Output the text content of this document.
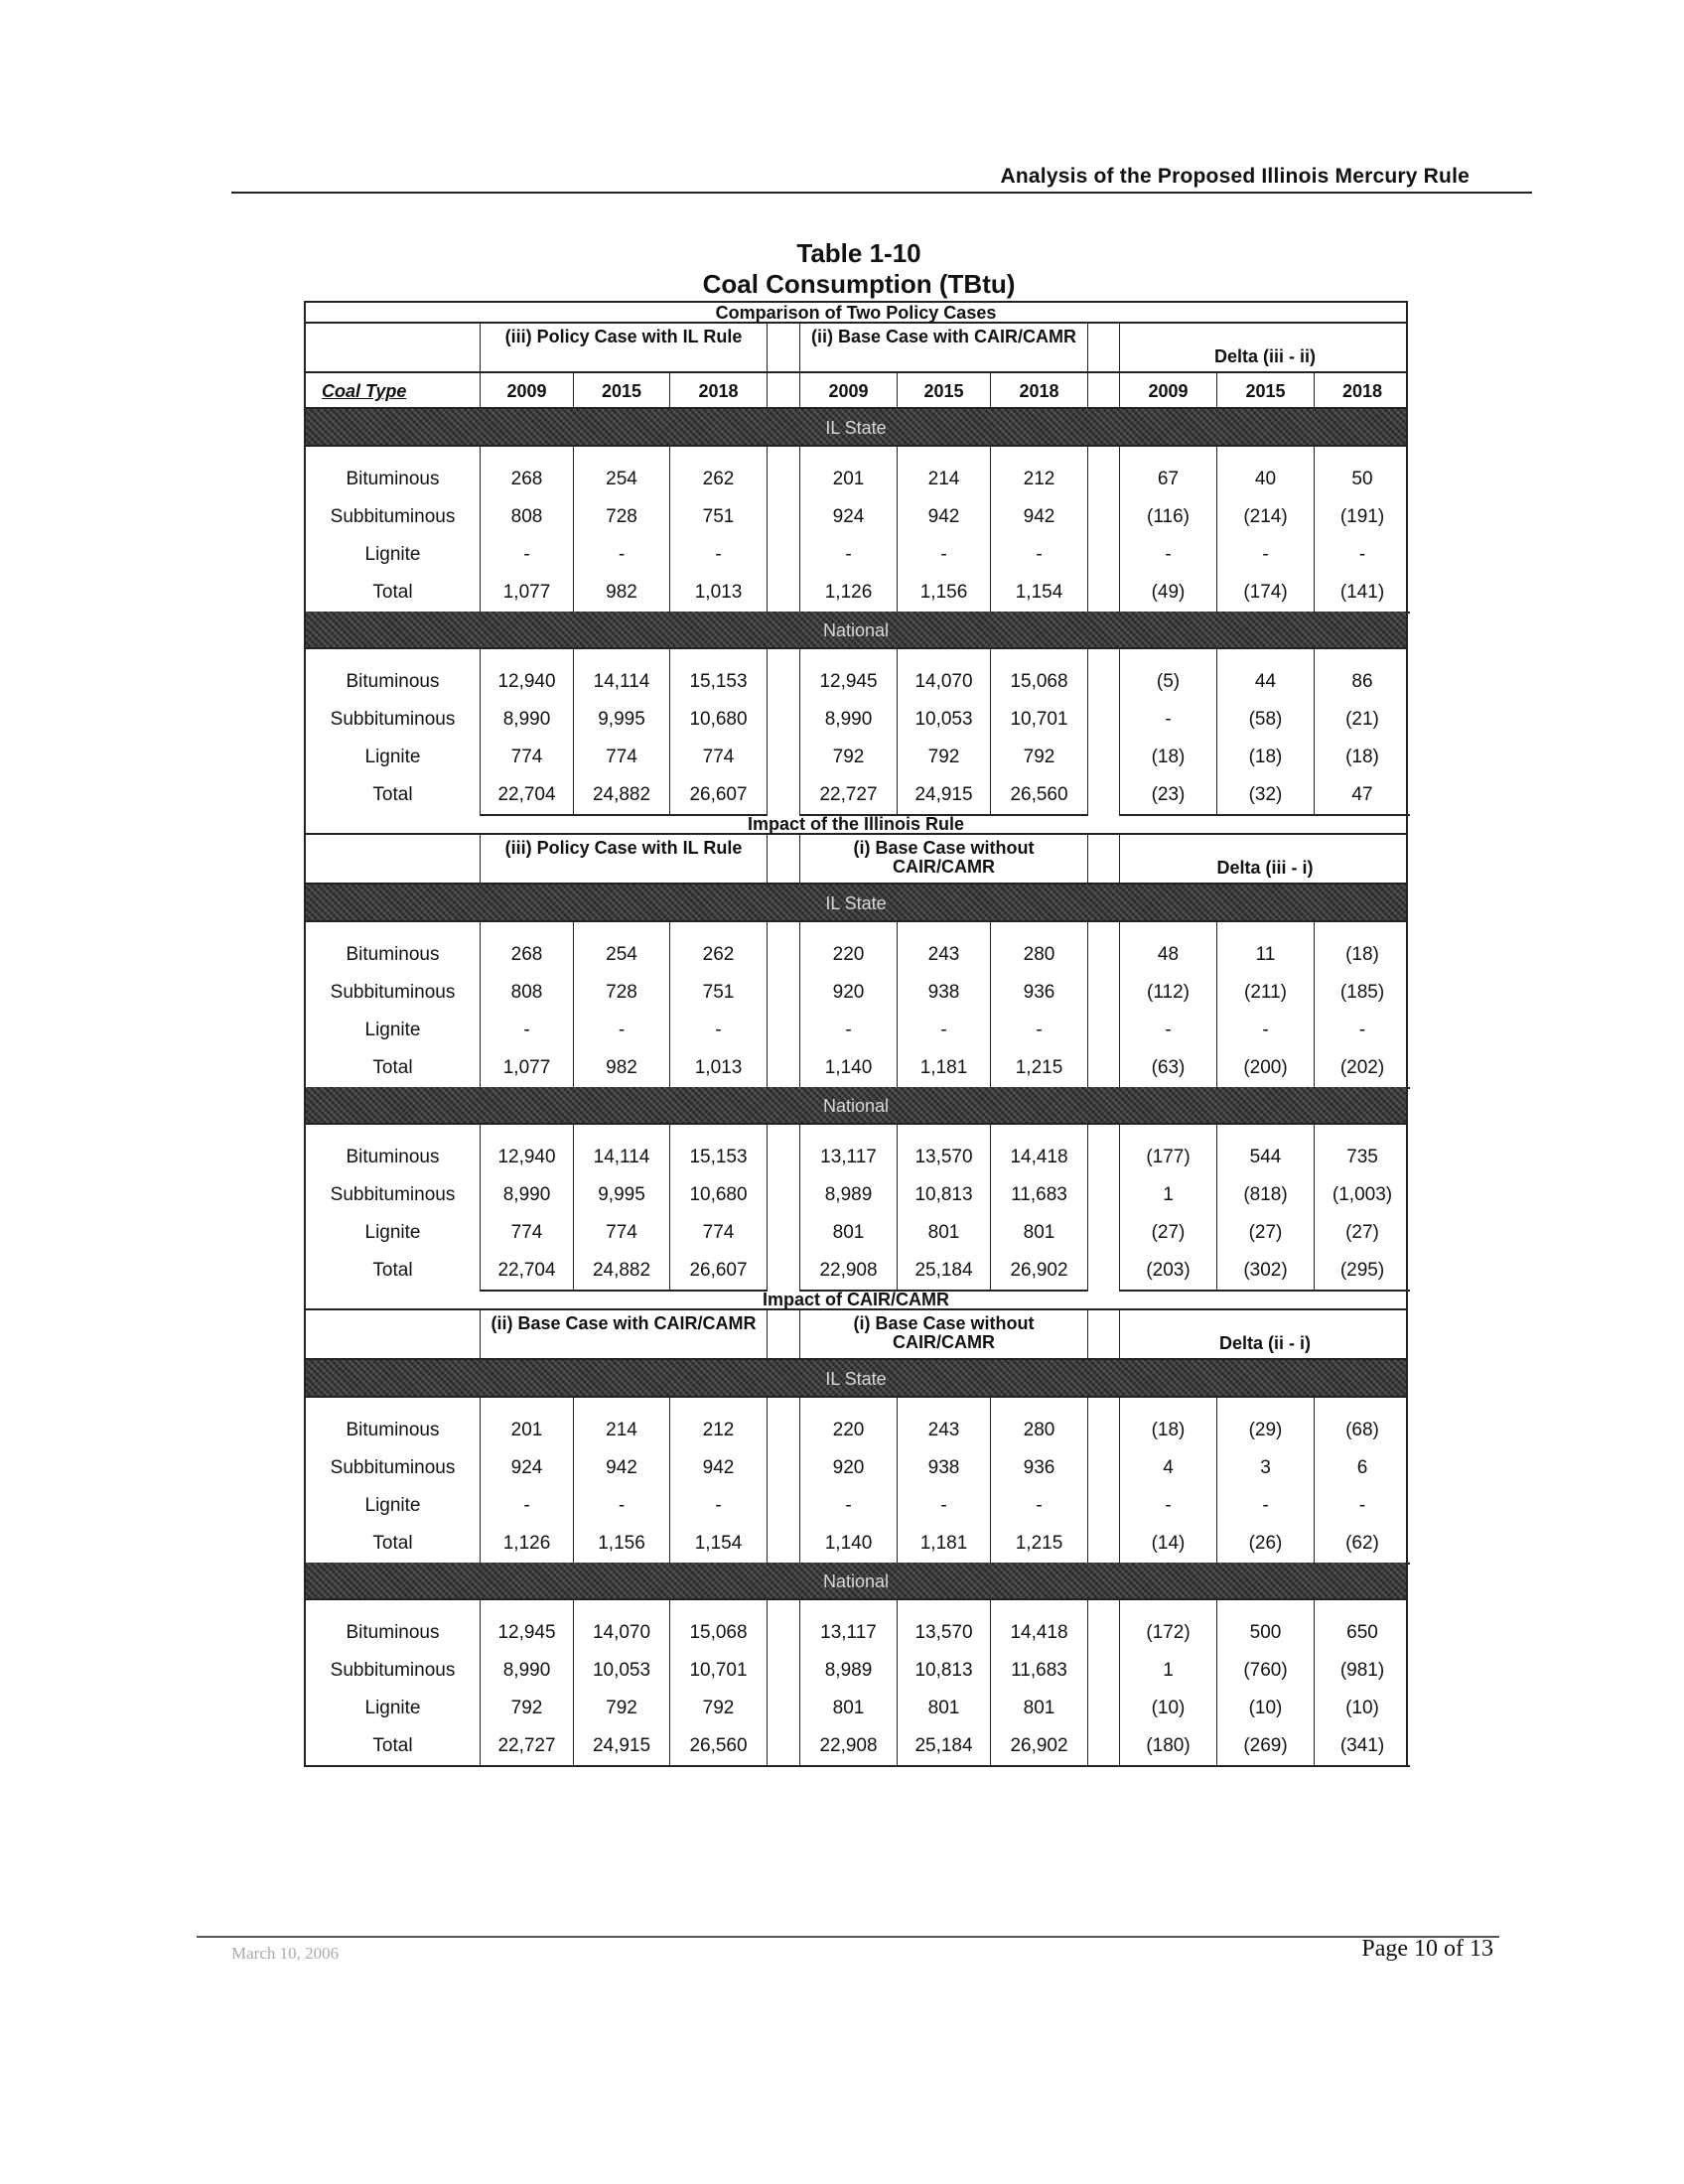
Analysis of the Proposed Illinois Mercury Rule
Table 1-10
Coal Consumption (TBtu)
Comparison of Two Policy Cases
(iii) Policy Case with IL Rule	(ii) Base Case with CAIR/CAMR
Delta (iii - ii)
Coal Type	2009	2015	2018	2009	2015	2018	2009	2015	2018
IL State
Bituminous	268	254	262	201	214	212	67	40	50
Subbituminous	808	728	751	924	942	942	(116)	(214)	(191)
Lignite	-	-	-	-	-	-	-	-	-
Total	1,077	982	1,013	1,126	1,156	1,154	(49)	(174)	(141)
National
Bituminous	12,940	14,114	15,153	12,945	14,070	15,068	(5)	44	86
Subbituminous	8,990	9,995	10,680	8,990	10,053	10,701	-	(58)	(21)
Lignite	774	774	774	792	792	792	(18)	(18)	(18)
Total	22,704	24,882	26,607	22,727	24,915	26,560	(23)	(32)	47
Impact of the Illinois Rule
(iii) Policy Case with IL Rule	(i) Base Case without CAIR/CAMR	Delta (iii - i)
IL State
Bituminous	268	254	262	220	243	280	48	11	(18)
Subbituminous	808	728	751	920	938	936	(112)	(211)	(185)
Lignite	-	-	-	-	-	-	-	-	-
Total	1,077	982	1,013	1,140	1,181	1,215	(63)	(200)	(202)
National
Bituminous	12,940	14,114	15,153	13,117	13,570	14,418	(177)	544	735
Subbituminous	8,990	9,995	10,680	8,989	10,813	11,683	1	(818)	(1,003)
Lignite	774	774	774	801	801	801	(27)	(27)	(27)
Total	22,704	24,882	26,607	22,908	25,184	26,902	(203)	(302)	(295)
Impact of CAIR/CAMR
(ii) Base Case with CAIR/CAMR	(i) Base Case without CAIR/CAMR	Delta (ii - i)
IL State
Bituminous	201	214	212	220	243	280	(18)	(29)	(68)
Subbituminous	924	942	942	920	938	936	4	3	6
Lignite	-	-	-	-	-	-	-	-	-
Total	1,126	1,156	1,154	1,140	1,181	1,215	(14)	(26)	(62)
National
Bituminous	12,945	14,070	15,068	13,117	13,570	14,418	(172)	500	650
Subbituminous	8,990	10,053	10,701	8,989	10,813	11,683	1	(760)	(981)
Lignite	792	792	792	801	801	801	(10)	(10)	(10)
Total	22,727	24,915	26,560	22,908	25,184	26,902	(180)	(269)	(341)
March 10, 2006	Page 10 of 13
